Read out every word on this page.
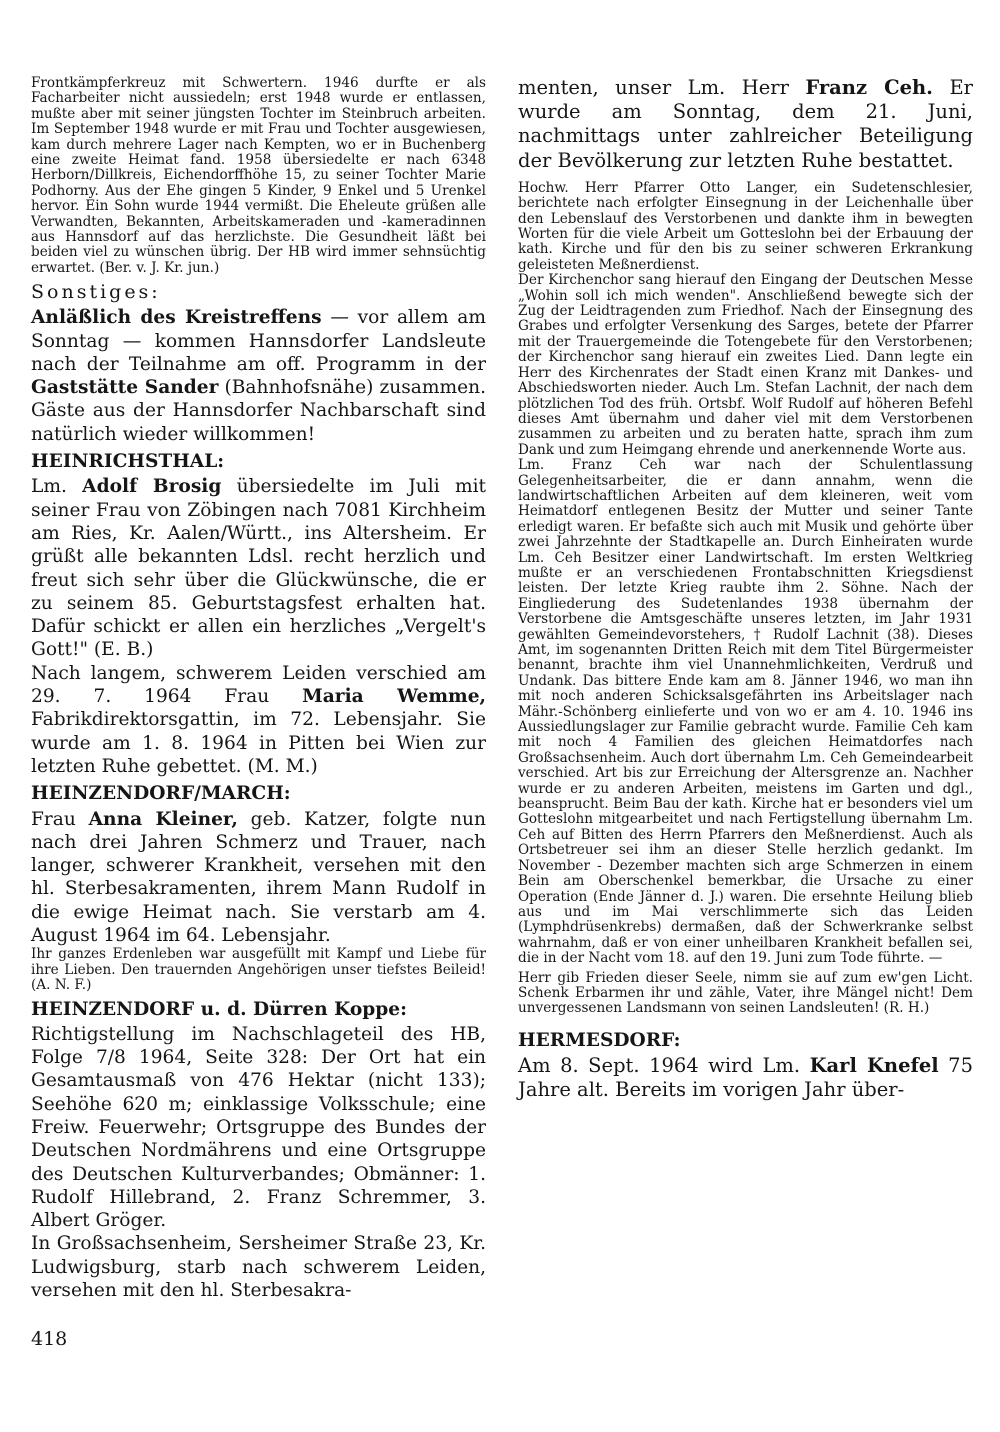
Frontkämpferkreuz mit Schwertern. 1946 durfte er als Facharbeiter nicht aussiedeln; erst 1948 wurde er entlassen, mußte aber mit seiner jüngsten Tochter im Steinbruch arbeiten. Im September 1948 wurde er mit Frau und Tochter ausgewiesen, kam durch mehrere Lager nach Kempten, wo er in Buchenberg eine zweite Heimat fand. 1958 übersiedelte er nach 6348 Herborn/Dillkreis, Eichendorffhöhe 15, zu seiner Tochter Marie Podhorny. Aus der Ehe gingen 5 Kinder, 9 Enkel und 5 Urenkel hervor. Ein Sohn wurde 1944 vermißt. Die Eheleute grüßen alle Verwandten, Bekannten, Arbeitskameraden und -kameradinnen aus Hannsdorf auf das herzlichste. Die Gesundheit läßt bei beiden viel zu wünschen übrig. Der HB wird immer sehnsüchtig erwartet. (Ber. v. J. Kr. jun.)

Sonstiges:

Anläßlich des Kreistreffens — vor allem am Sonntag — kommen Hannsdorfer Landsleute nach der Teilnahme am off. Programm in der Gaststätte Sander (Bahnhofsnähe) zusammen. Gäste aus der Hannsdorfer Nachbarschaft sind natürlich wieder willkommen!

HEINRICHSTHAL:

Lm. Adolf Brosig übersiedelte im Juli mit seiner Frau von Zöbingen nach 7081 Kirchheim am Ries, Kr. Aalen/Württ., ins Altersheim. Er grüßt alle bekannten Ldsl. recht herzlich und freut sich sehr über die Glückwünsche, die er zu seinem 85. Geburtstagsfest erhalten hat. Dafür schickt er allen ein herzliches „Vergelt's Gott!" (E. B.)

Nach langem, schwerem Leiden verschied am 29. 7. 1964 Frau Maria Wemme, Fabrikdirektorsgattin, im 72. Lebensjahr. Sie wurde am 1. 8. 1964 in Pitten bei Wien zur letzten Ruhe gebettet. (M. M.)

HEINZENDORF/MARCH:

Frau Anna Kleiner, geb. Katzer, folgte nun nach drei Jahren Schmerz und Trauer, nach langer, schwerer Krankheit, versehen mit den hl. Sterbesakramenten, ihrem Mann Rudolf in die ewige Heimat nach. Sie verstarb am 4. August 1964 im 64. Lebensjahr.

Ihr ganzes Erdenleben war ausgefüllt mit Kampf und Liebe für ihre Lieben. Den trauernden Angehörigen unser tiefstes Beileid! (A. N. F.)

HEINZENDORF u. d. Dürren Koppe:

Richtigstellung im Nachschlageteil des HB, Folge 7/8 1964, Seite 328: Der Ort hat ein Gesamtausmaß von 476 Hektar (nicht 133); Seehöhe 620 m; einklassige Volksschule; eine Freiw. Feuerwehr; Ortsgruppe des Bundes der Deutschen Nordmährens und eine Ortsgruppe des Deutschen Kulturverbandes; Obmänner: 1. Rudolf Hillebrand, 2. Franz Schremmer, 3. Albert Gröger.

In Großsachsenheim, Sersheimer Straße 23, Kr. Ludwigsburg, starb nach schwerem Leiden, versehen mit den hl. Sterbesakra-

menten, unser Lm. Herr Franz Ceh. Er wurde am Sonntag, dem 21. Juni, nachmittags unter zahlreicher Beteiligung der Bevölkerung zur letzten Ruhe bestattet.

Hochw. Herr Pfarrer Otto Langer, ein Sudetenschlesier, berichtete nach erfolgter Einsegnung in der Leichenhalle über den Lebenslauf des Verstorbenen und dankte ihm in bewegten Worten für die viele Arbeit um Gotteslohn bei der Erbauung der kath. Kirche und für den bis zu seiner schweren Erkrankung geleisteten Meßnerdienst.

Der Kirchenchor sang hierauf den Eingang der Deutschen Messe „Wohin soll ich mich wenden". Anschließend bewegte sich der Zug der Leidtragenden zum Friedhof. Nach der Einsegnung des Grabes und erfolgter Versenkung des Sarges, betete der Pfarrer mit der Trauergemeinde die Totengebete für den Verstorbenen; der Kirchenchor sang hierauf ein zweites Lied. Dann legte ein Herr des Kirchenrates der Stadt einen Kranz mit Dankes- und Abschiedsworten nieder. Auch Lm. Stefan Lachnit, der nach dem plötzlichen Tod des früh. Ortsbf. Wolf Rudolf auf höheren Befehl dieses Amt übernahm und daher viel mit dem Verstorbenen zusammen zu arbeiten und zu beraten hatte, sprach ihm zum Dank und zum Heimgang ehrende und anerkennende Worte aus.

Lm. Franz Ceh war nach der Schulentlassung Gelegenheitsarbeiter, die er dann annahm, wenn die landwirtschaftlichen Arbeiten auf dem kleineren, weit vom Heimatdorf entlegenen Besitz der Mutter und seiner Tante erledigt waren. Er befaßte sich auch mit Musik und gehörte über zwei Jahrzehnte der Stadtkapelle an. Durch Einheiraten wurde Lm. Ceh Besitzer einer Landwirtschaft. Im ersten Weltkrieg mußte er an verschiedenen Frontabschnitten Kriegsdienst leisten. Der letzte Krieg raubte ihm 2. Söhne. Nach der Eingliederung des Sudetenlandes 1938 übernahm der Verstorbene die Amtsgeschäfte unseres letzten, im Jahr 1931 gewählten Gemeindevorstehers, † Rudolf Lachnit (38). Dieses Amt, im sogenannten Dritten Reich mit dem Titel Bürgermeister benannt, brachte ihm viel Unannehmlichkeiten, Verdruß und Undank. Das bittere Ende kam am 8. Jänner 1946, wo man ihn mit noch anderen Schicksalsgefährten ins Arbeitslager nach Mähr.-Schönberg einlieferte und von wo er am 4. 10. 1946 ins Aussiedlungslager zur Familie gebracht wurde. Familie Ceh kam mit noch 4 Familien des gleichen Heimatdorfes nach Großsachsenheim. Auch dort übernahm Lm. Ceh Gemeindearbeit verschied. Art bis zur Erreichung der Altersgrenze an. Nachher wurde er zu anderen Arbeiten, meistens im Garten und dgl., beansprucht. Beim Bau der kath. Kirche hat er besonders viel um Gotteslohn mitgearbeitet und nach Fertigstellung übernahm Lm. Ceh auf Bitten des Herrn Pfarrers den Meßnerdienst. Auch als Ortsbetreuer sei ihm an dieser Stelle herzlich gedankt. Im November - Dezember machten sich arge Schmerzen in einem Bein am Oberschenkel bemerkbar, die Ursache zu einer Operation (Ende Jänner d. J.) waren. Die ersehnte Heilung blieb aus und im Mai verschlimmerte sich das Leiden (Lymphdrüsenkrebs) dermaßen, daß der Schwerkranke selbst wahrnahm, daß er von einer unheilbaren Krankheit befallen sei, die in der Nacht vom 18. auf den 19. Juni zum Tode führte. —

Herr gib Frieden dieser Seele, nimm sie auf zum ew'gen Licht. Schenk Erbarmen ihr und zähle, Vater, ihre Mängel nicht! Dem unvergessenen Landsmann von seinen Landsleuten! (R. H.)

HERMESDORF:

Am 8. Sept. 1964 wird Lm. Karl Knefel 75 Jahre alt. Bereits im vorigen Jahr über-

418
